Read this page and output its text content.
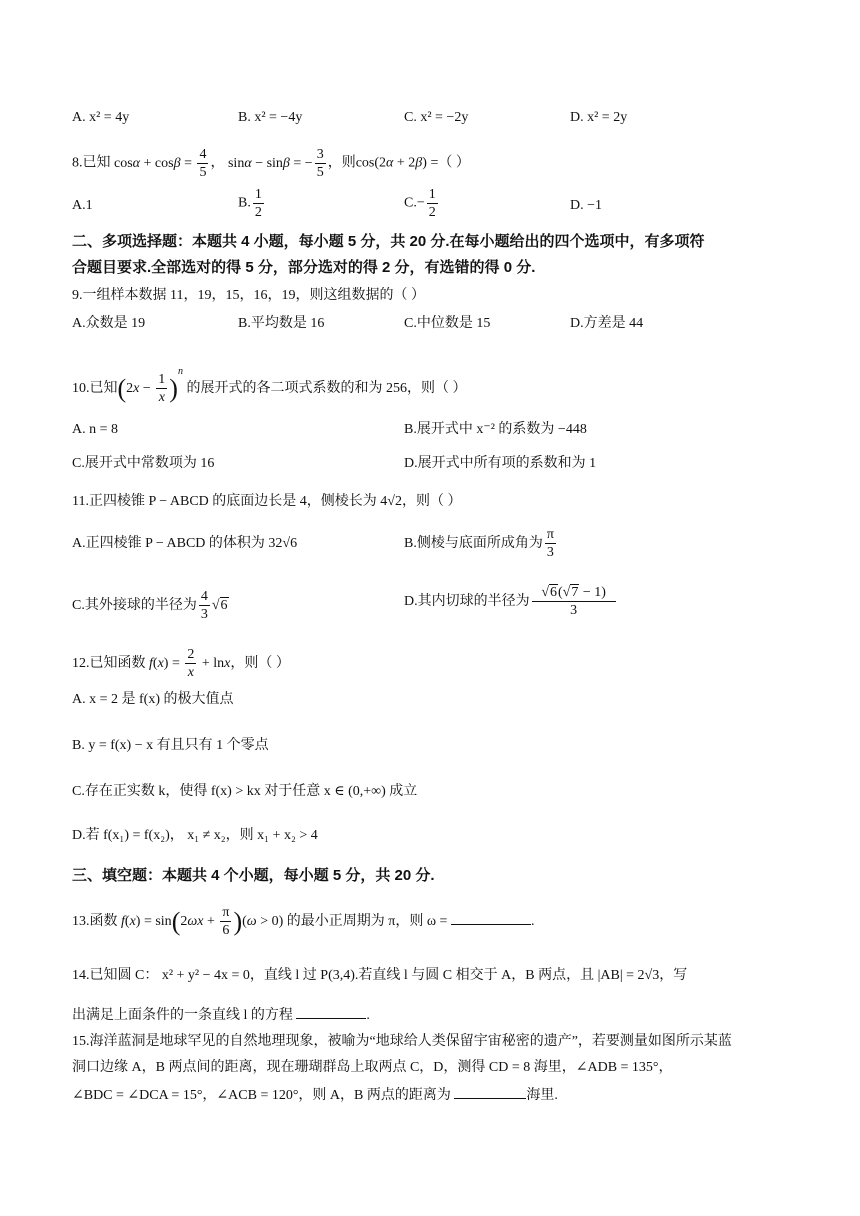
A. x² = 4y	B. x² = −4y	C. x² = −2y	D. x² = 2y
8.已知 $\cos\alpha + \cos\beta = \frac{4}{5}$ ， sinα − sinβ = − $\frac{3}{5}$ ，则cos(2α + 2β) =（ ）
A.1	B. $\frac{1}{2}$	$C.- \frac{1}{2}$	D. −1
二、多项选择题：本题共 4 小题，每小题 5 分，共 20 分.在每小题给出的四个选项中，有多项符
合题目要求.全部选对的得 5 分，部分选对的得 2 分，有选错的得 0 分.
9.一组样本数据 11，19，15，16，19，则这组数据的（ ）
A.众数是 19	B.平均数是 16	C.中位数是 15	D.方差是 44
10.已知$(2x - \frac{1}{x} )^n$ 的展开式的各二项式系数的和为 256，则（ ）
A. n = 8	B.展开式中 x⁻² 的系数为 −448
C.展开式中常数项为 16	D.展开式中所有项的系数和为 1
11.正四棱锥 P − ABCD 的底面边长是 4，侧棱长为 4√2，则（ ）
A.正四棱锥 P − ABCD 的体积为 32√6	B.侧棱与底面所成角为 $\frac{\pi}{3}$
C.其外接球的半径为 $\frac{4}{3} √6$	D.其内切球的半径为 $\frac{√6(√7 - 1)}{3}$
12.已知函数 $f(x) = \frac{2}{x} + \ln x$，则（ ）
A. x = 2 是 f(x) 的极大值点
B. y = f(x) − x 有且只有 1 个零点
C.存在正实数 k，使得 f(x) > kx 对于任意 x ∈ (0,+∞) 成立
D.若 f(x₁) = f(x₂)， x₁ ≠ x₂，则 x₁ + x₂ > 4
三、填空题：本题共 4 个小题，每小题 5 分，共 20 分.
13.函数 $f(x) = \sin(2\omega x + \frac{\pi}{6} )(\omega > 0)$ 的最小正周期为 π，则 ω =	.
14.已知圆 C： x² + y² − 4x = 0，直线 l 过 P(3,4).若直线 l 与圆 C 相交于 A，B 两点，且 |AB| = 2√3，写
出满足上面条件的一条直线 l 的方程	.
15.海洋蓝洞是地球罕见的自然地理现象，被喻为“地球给人类保留宇宙秘密的遗产”，若要测量如图所示某蓝
洞口边缘 A，B 两点间的距离，现在珊瑚群岛上取两点 C，D，测得 CD = 8 海里，∠ADB = 135°，
∠BDC = ∠DCA = 15°，∠ACB = 120°，则 A，B 两点的距离为	海里.
